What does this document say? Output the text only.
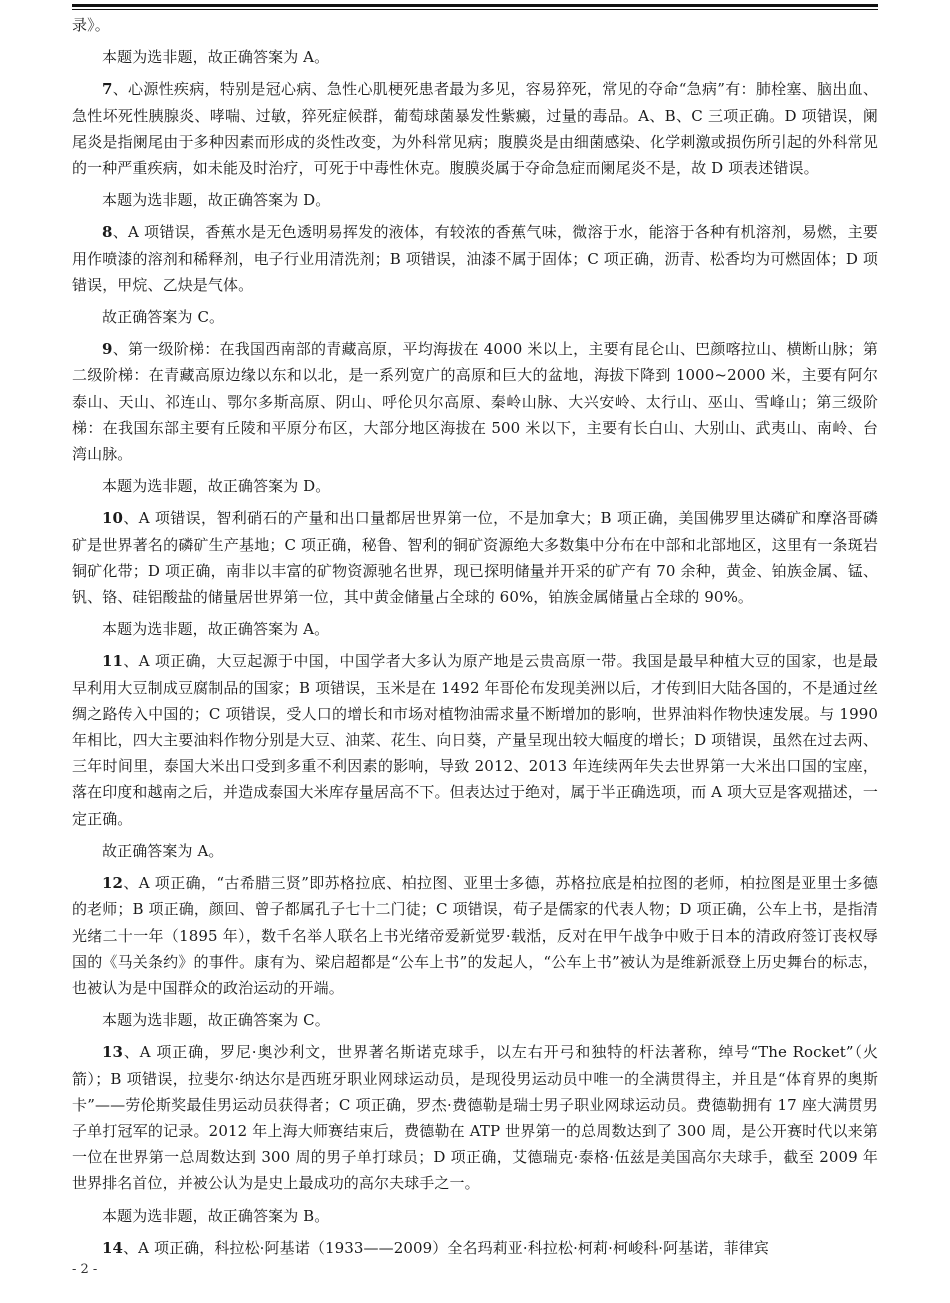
录》。

本题为选非题，故正确答案为 A。

7、心源性疾病，特别是冠心病、急性心肌梗死患者最为多见，容易猝死，常见的夺命“急病”有：肺栓塞、脑出血、急性坏死性胰腺炎、哮喘、过敏，猝死症候群，葡萄球菌暴发性紫癜，过量的毒品。A、B、C 三项正确。D 项错误，阑尾炎是指阑尾由于多种因素而形成的炎性改变，为外科常见病；腹膜炎是由细菌感染、化学刺激或损伤所引起的外科常见的一种严重疾病，如未能及时治疗，可死于中毒性休克。腹膜炎属于夺命急症而阑尾炎不是，故 D 项表述错误。

本题为选非题，故正确答案为 D。

8、A 项错误，香蕉水是无色透明易挥发的液体，有较浓的香蕉气味，微溶于水，能溶于各种有机溶剂，易燃，主要用作喷漆的溶剂和稀释剂，电子行业用清洗剂；B 项错误，油漆不属于固体；C 项正确，沥青、松香均为可燃固体；D 项错误，甲烷、乙炔是气体。

故正确答案为 C。

9、第一级阶梯：在我国西南部的青藏高原，平均海拔在 4000 米以上，主要有昆仑山、巴颜喀拉山、横断山脉；第二级阶梯：在青藏高原边缘以东和以北，是一系列宽广的高原和巨大的盆地，海拔下降到 1000~2000 米，主要有阿尔泰山、天山、祁连山、鄂尔多斯高原、阴山、呼伦贝尔高原、秦岭山脉、大兴安岭、太行山、巫山、雪峰山；第三级阶梯：在我国东部主要有丘陵和平原分布区，大部分地区海拔在 500 米以下，主要有长白山、大别山、武夷山、南岭、台湾山脉。

本题为选非题，故正确答案为 D。

10、A 项错误，智利硝石的产量和出口量都居世界第一位，不是加拿大；B 项正确，美国佛罗里达磷矿和摩洛哥磷矿是世界著名的磷矿生产基地；C 项正确，秘鲁、智利的铜矿资源绝大多数集中分布在中部和北部地区，这里有一条斑岩铜矿化带；D 项正确，南非以丰富的矿物资源驰名世界，现已探明储量并开采的矿产有 70 余种，黄金、铂族金属、锰、钒、铬、硅铝酸盐的储量居世界第一位，其中黄金储量占全球的 60%，铂族金属储量占全球的 90%。

本题为选非题，故正确答案为 A。

11、A 项正确，大豆起源于中国，中国学者大多认为原产地是云贵高原一带。我国是最早种植大豆的国家，也是最早利用大豆制成豆腐制品的国家；B 项错误，玉米是在 1492 年哥伦布发现美洲以后，才传到旧大陆各国的，不是通过丝绸之路传入中国的；C 项错误，受人口的增长和市场对植物油需求量不断增加的影响，世界油料作物快速发展。与 1990 年相比，四大主要油料作物分别是大豆、油菜、花生、向日葵，产量呈现出较大幅度的增长；D 项错误，虽然在过去两、三年时间里，泰国大米出口受到多重不利因素的影响，导致 2012、2013 年连续两年失去世界第一大米出口国的宝座，落在印度和越南之后，并造成泰国大米库存量居高不下。但表达过于绝对，属于半正确选项，而 A 项大豆是客观描述，一定正确。

故正确答案为 A。

12、A 项正确，“古希腊三贤”即苏格拉底、柏拉图、亚里士多德，苏格拉底是柏拉图的老师，柏拉图是亚里士多德的老师；B 项正确，颜回、曾子都属孔子七十二门徒；C 项错误，荀子是儒家的代表人物；D 项正确，公车上书，是指清光绪二十一年（1895 年），数千名举人联名上书光绪帝爱新觉罗·载湉，反对在甲午战争中败于日本的清政府签订丧权辱国的《马关条约》的事件。康有为、梁启超都是“公车上书”的发起人，“公车上书”被认为是维新派登上历史舞台的标志，也被认为是中国群众的政治运动的开端。

本题为选非题，故正确答案为 C。

13、A 项正确，罗尼·奥沙利文，世界著名斯诺克球手，以左右开弓和独特的杆法著称，绰号“The Rocket”（火箭）；B 项错误，拉斐尔·纳达尔是西班牙职业网球运动员，是现役男运动员中唯一的全满贯得主，并且是“体育界的奥斯卡”——劳伦斯奖最佳男运动员获得者；C 项正确，罗杰·费德勒是瑞士男子职业网球运动员。费德勒拥有 17 座大满贯男子单打冠军的记录。2012 年上海大师赛结束后，费德勒在 ATP 世界第一的总周数达到了 300 周，是公开赛时代以来第一位在世界第一总周数达到 300 周的男子单打球员；D 项正确，艾德瑞克·泰格·伍兹是美国高尔夫球手，截至 2009 年世界排名首位，并被公认为是史上最成功的高尔夫球手之一。

本题为选非题，故正确答案为 B。

14、A 项正确，科拉松·阿基诺（1933——2009）全名玛莉亚·科拉松·柯莉·柯峻科·阿基诺，菲律宾

- 2 -
